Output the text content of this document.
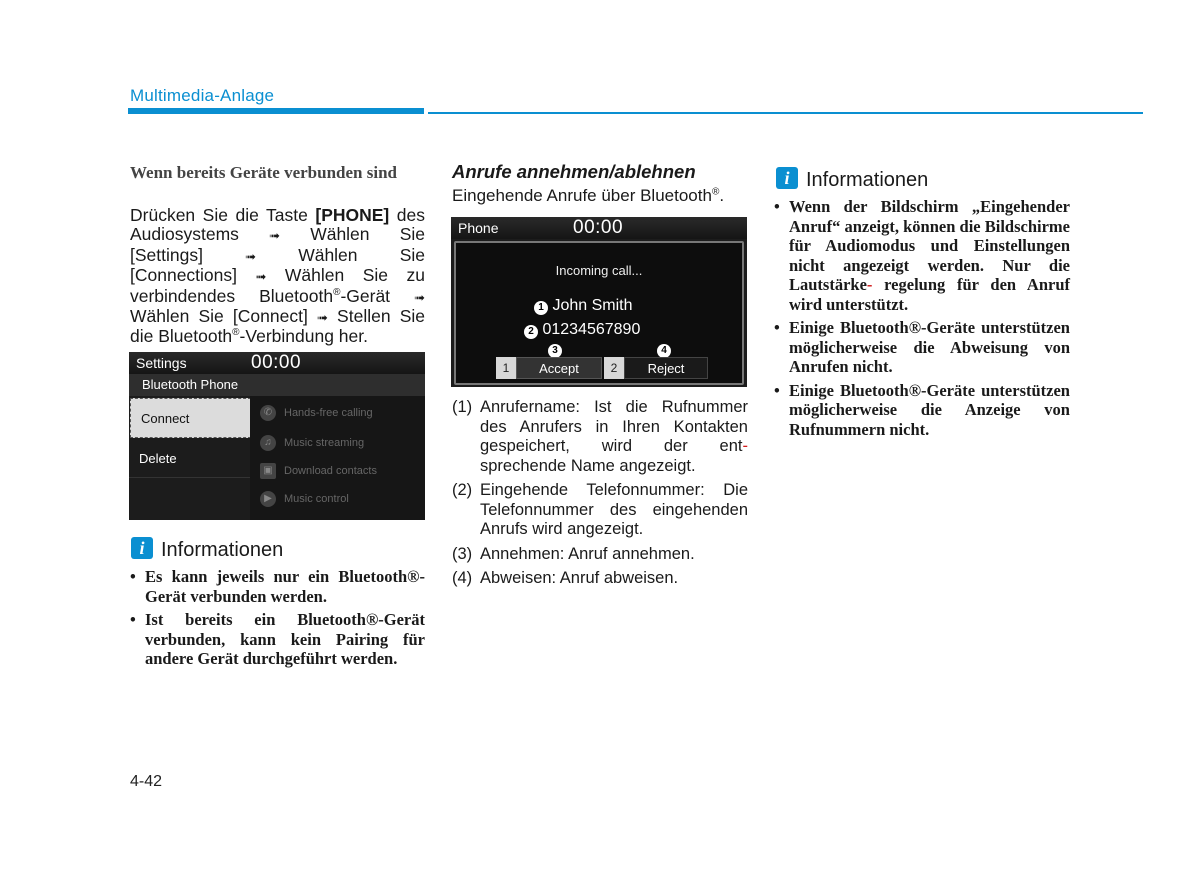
Multimedia-Anlage
Wenn bereits Geräte verbunden sind
Drücken Sie die Taste [PHONE] des
Audiosystems ➟ Wählen Sie
[Settings]	➟ Wählen Sie
[Connections] ➟ Wählen Sie zu
verbindendes Bluetooth®-Gerät ➟
Wählen Sie [Connect] ➟ Stellen Sie
die Bluetooth®-Verbindung her.
Settings	00:00
Bluetooth Phone
Connect
Delete
✆	Hands-free calling
♫	Music streaming
▣ Download contacts
▶	Music control
i Informationen
• Es kann jeweils nur ein Bluetooth®-Gerät verbunden werden.
• Ist bereits ein Bluetooth®-Gerät verbunden, kann kein Pairing für andere Gerät durchgeführt werden.
Anrufe annehmen/ablehnen
Eingehende Anrufe über Bluetooth®.
Phone	00:00
Incoming call...
1 John Smith
2 01234567890
3	4
1	Accept	2	Reject
(1) Anrufername: Ist die Rufnummer des Anrufers in Ihren Kontakten gespeichert, wird der ent- sprechende Name angezeigt.
(2) Eingehende Telefonnummer: Die Telefonnummer des eingehenden Anrufs wird angezeigt.
(3) Annehmen: Anruf annehmen.
(4) Abweisen: Anruf abweisen.
i Informationen
• Wenn der Bildschirm „Eingehender Anruf“ anzeigt, können die Bildschirme für Audiomodus und Einstellungen nicht angezeigt werden. Nur die Lautstärke- regelung für den Anruf wird unterstützt.
• Einige Bluetooth®-Geräte unterstützen möglicherweise die Abweisung von Anrufen nicht.
• Einige Bluetooth®-Geräte unterstützen möglicherweise die Anzeige von Rufnummern nicht.
4-42
